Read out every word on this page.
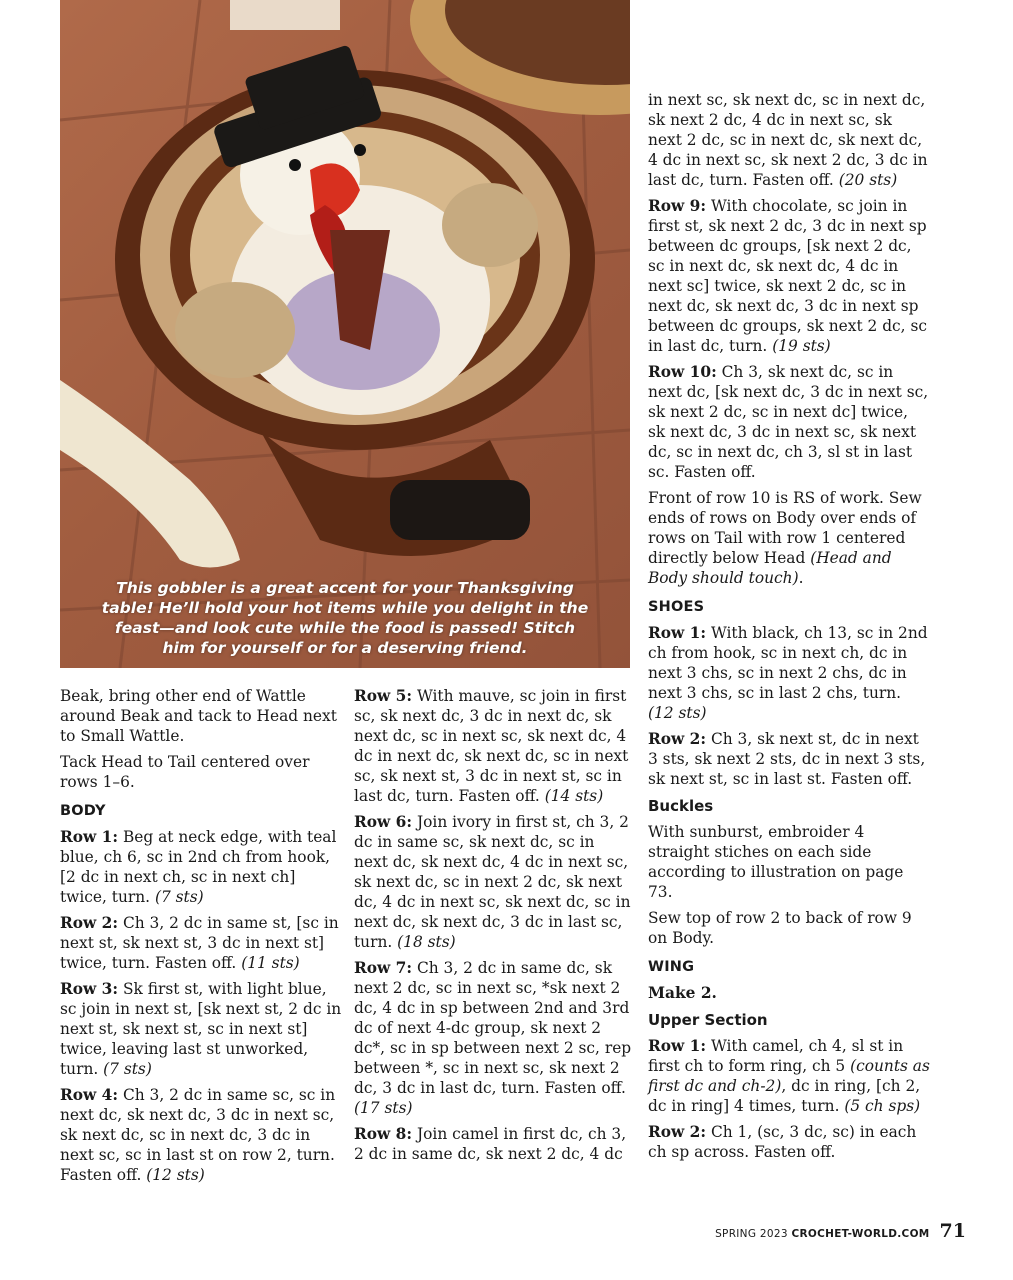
This gobbler is a great accent for your Thanksgiving
table! He’ll hold your hot items while you delight in the
feast—and look cute while the food is passed! Stitch
him for yourself or for a deserving friend.

Beak, bring other end of Wattle around Beak and tack to Head next to Small Wattle.

Tack Head to Tail centered over rows 1–6.

BODY

Row 1: Beg at neck edge, with teal blue, ch 6, sc in 2nd ch from hook, [2 dc in next ch, sc in next ch] twice, turn. (7 sts)

Row 2: Ch 3, 2 dc in same st, [sc in next st, sk next st, 3 dc in next st] twice, turn. Fasten off. (11 sts)

Row 3: Sk first st, with light blue, sc join in next st, [sk next st, 2 dc in next st, sk next st, sc in next st] twice, leaving last st unworked, turn. (7 sts)

Row 4: Ch 3, 2 dc in same sc, sc in next dc, sk next dc, 3 dc in next sc, sk next dc, sc in next dc, 3 dc in next sc, sc in last st on row 2, turn. Fasten off. (12 sts)

Row 5: With mauve, sc join in first sc, sk next dc, 3 dc in next dc, sk next dc, sc in next sc, sk next dc, 4 dc in next dc, sk next dc, sc in next sc, sk next st, 3 dc in next st, sc in last dc, turn. Fasten off. (14 sts)

Row 6: Join ivory in first st, ch 3, 2 dc in same sc, sk next dc, sc in next dc, sk next dc, 4 dc in next sc, sk next dc, sc in next 2 dc, sk next dc, 4 dc in next sc, sk next dc, sc in next dc, sk next dc, 3 dc in last sc, turn. (18 sts)

Row 7: Ch 3, 2 dc in same dc, sk next 2 dc, sc in next sc, *sk next 2 dc, 4 dc in sp between 2nd and 3rd dc of next 4-dc group, sk next 2 dc*, sc in sp between next 2 sc, rep between *, sc in next sc, sk next 2 dc, 3 dc in last dc, turn. Fasten off. (17 sts)

Row 8: Join camel in first dc, ch 3, 2 dc in same dc, sk next 2 dc, 4 dc

in next sc, sk next dc, sc in next dc, sk next 2 dc, 4 dc in next sc, sk next 2 dc, sc in next dc, sk next dc, 4 dc in next sc, sk next 2 dc, 3 dc in last dc, turn. Fasten off. (20 sts)

Row 9: With chocolate, sc join in first st, sk next 2 dc, 3 dc in next sp between dc groups, [sk next 2 dc, sc in next dc, sk next dc, 4 dc in next sc] twice, sk next 2 dc, sc in next dc, sk next dc, 3 dc in next sp between dc groups, sk next 2 dc, sc in last dc, turn. (19 sts)

Row 10: Ch 3, sk next dc, sc in next dc, [sk next dc, 3 dc in next sc, sk next 2 dc, sc in next dc] twice, sk next dc, 3 dc in next sc, sk next dc, sc in next dc, ch 3, sl st in last sc. Fasten off.

Front of row 10 is RS of work. Sew ends of rows on Body over ends of rows on Tail with row 1 centered directly below Head (Head and Body should touch).

SHOES

Row 1: With black, ch 13, sc in 2nd ch from hook, sc in next ch, dc in next 3 chs, sc in next 2 chs, dc in next 3 chs, sc in last 2 chs, turn. (12 sts)

Row 2: Ch 3, sk next st, dc in next 3 sts, sk next 2 sts, dc in next 3 sts, sk next st, sc in last st. Fasten off.

Buckles

With sunburst, embroider 4 straight stiches on each side according to illustration on page 73.

Sew top of row 2 to back of row 9 on Body.

WING

Make 2.

Upper Section

Row 1: With camel, ch 4, sl st in first ch to form ring, ch 5 (counts as first dc and ch-2), dc in ring, [ch 2, dc in ring] 4 times, turn. (5 ch sps)

Row 2: Ch 1, (sc, 3 dc, sc) in each ch sp across. Fasten off.

SPRING 2023 CROCHET-WORLD.COM 71
